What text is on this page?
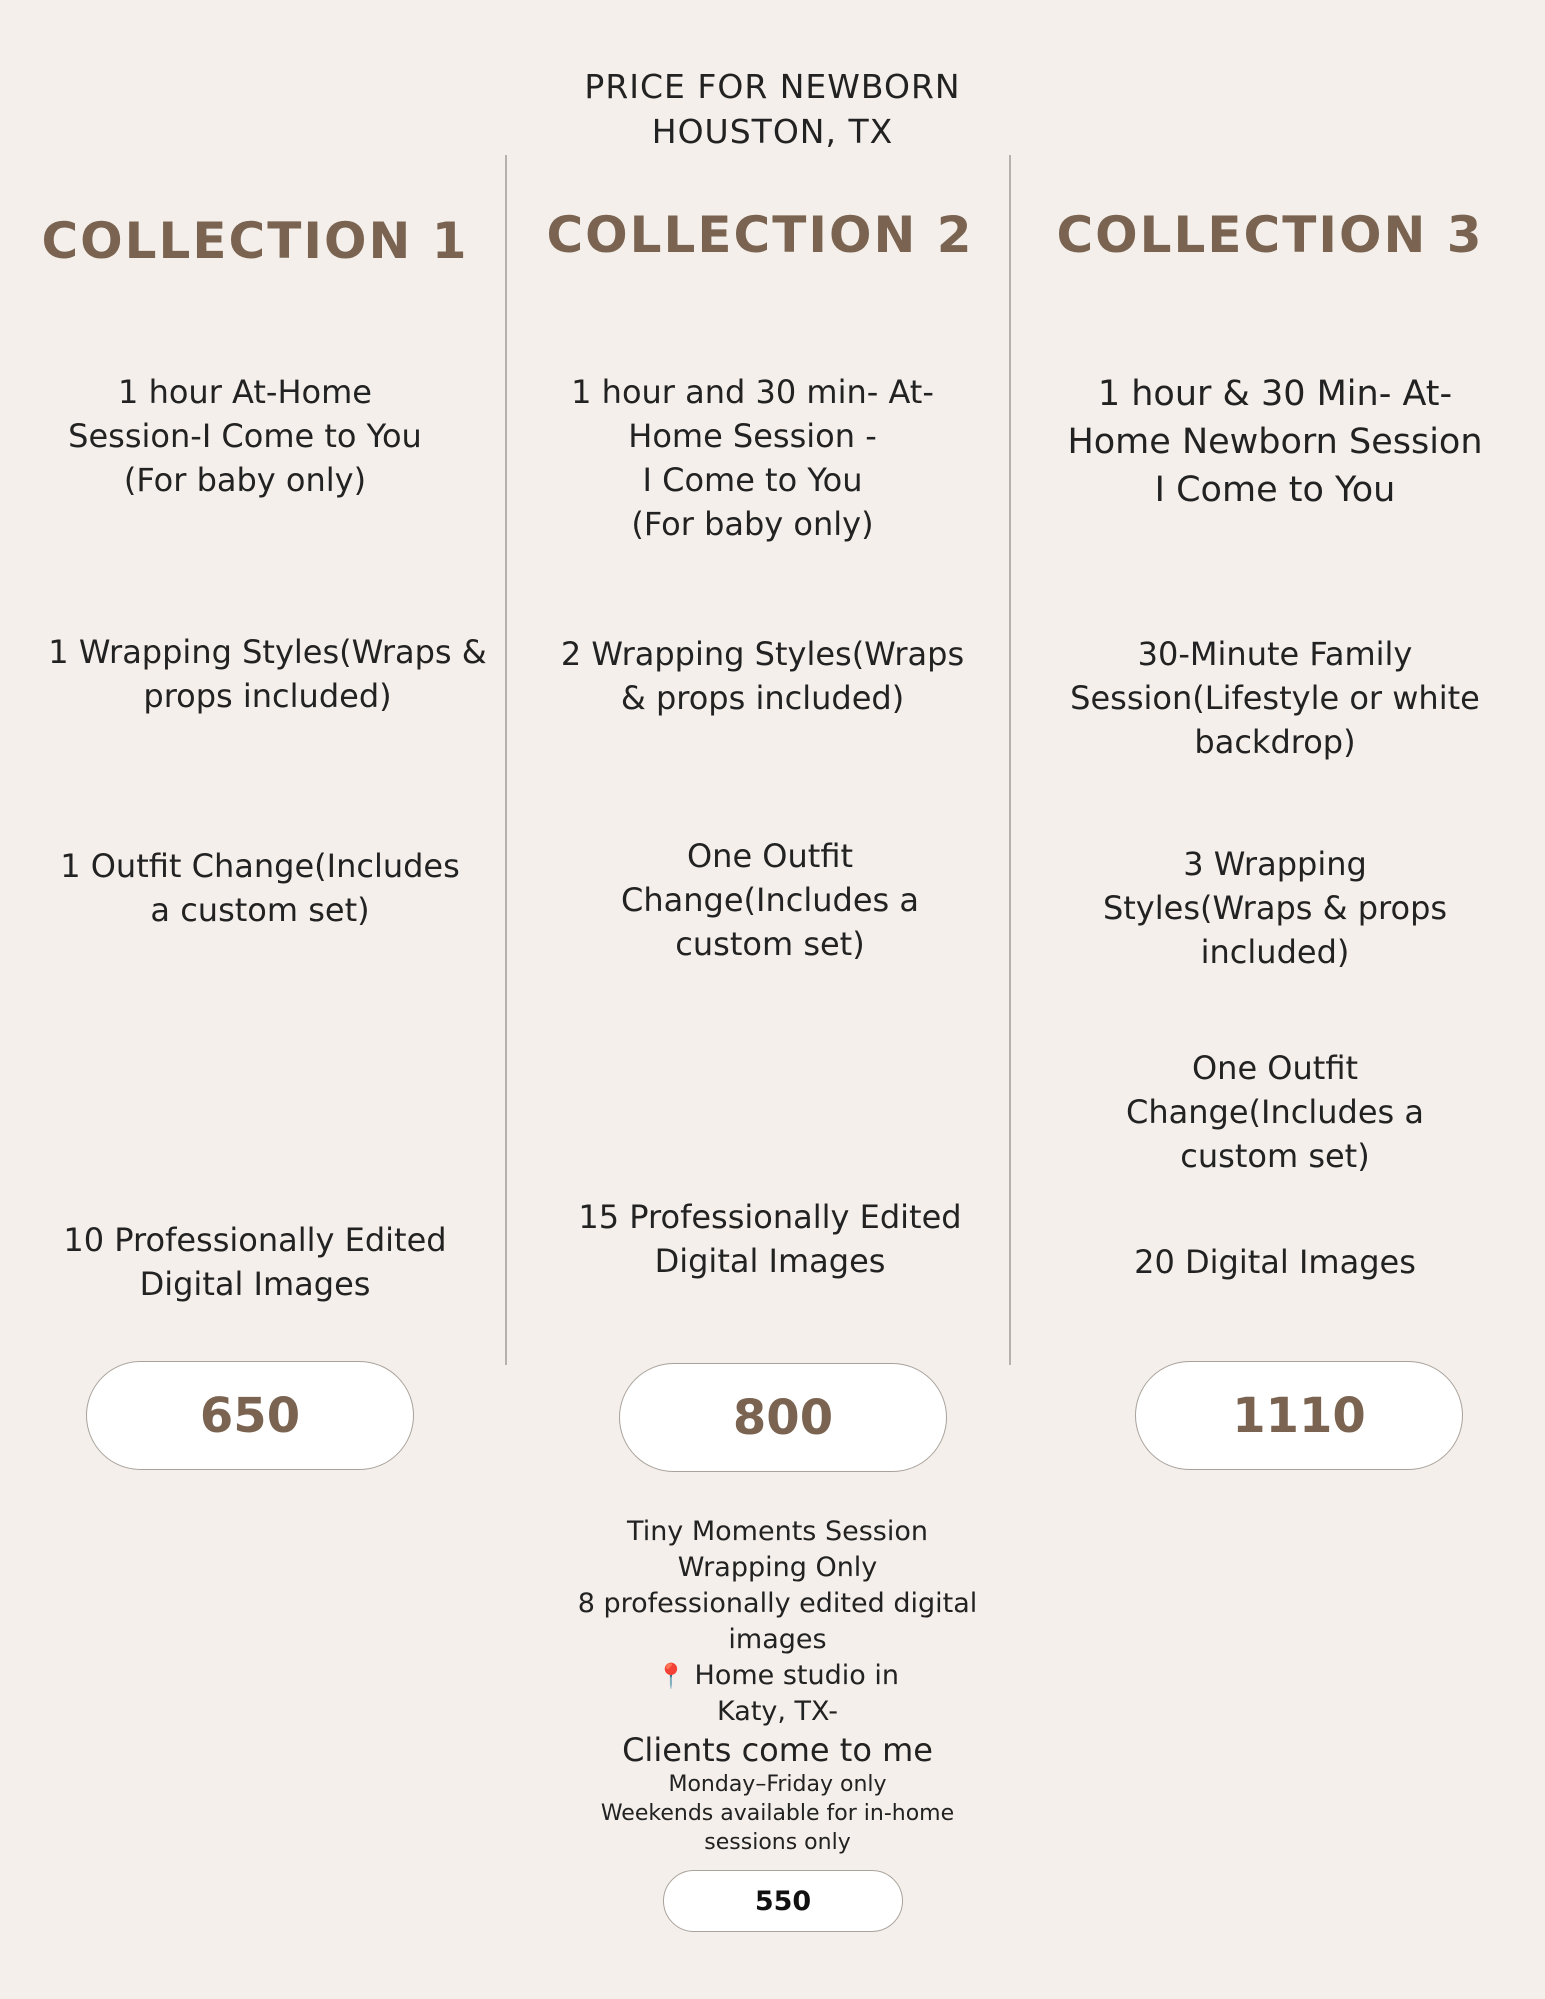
PRICE FOR NEWBORN
HOUSTON, TX
COLLECTION 1
1 hour At-Home
Session-I Come to You
(For baby only)
1 Wrapping Styles(Wraps &
props included)
1 Outfit Change(Includes
a custom set)
10 Professionally Edited
Digital Images
650
COLLECTION 2
1 hour and 30 min- At-
Home Session -
I Come to You
(For baby only)
2 Wrapping Styles(Wraps
& props included)
One Outfit
Change(Includes a
custom set)
15 Professionally Edited
Digital Images
800
COLLECTION 3
1 hour & 30 Min- At-
Home Newborn Session
I Come to You
30-Minute Family
Session(Lifestyle or white
backdrop)
3 Wrapping
Styles(Wraps & props
included)
One Outfit
Change(Includes a
custom set)
20 Digital Images
1110
Tiny Moments Session
Wrapping Only
8 professionally edited digital
images
📍 Home studio in
Katy, TX-
Clients come to me
Monday–Friday only
Weekends available for in-home
sessions only
550
